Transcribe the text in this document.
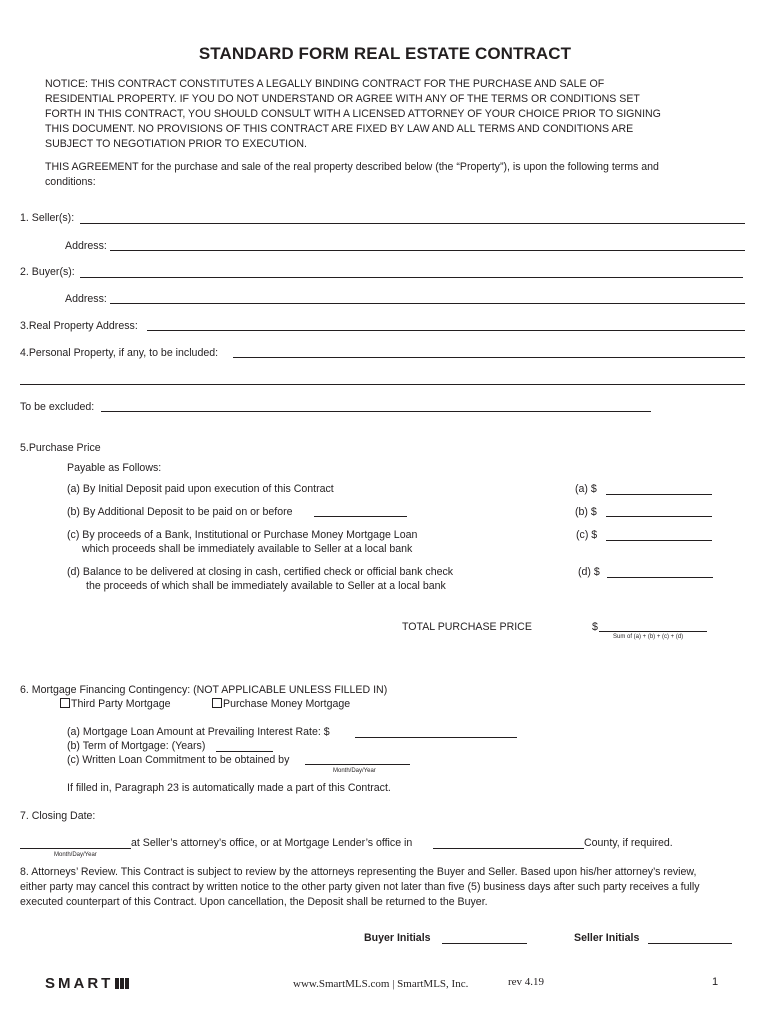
STANDARD FORM REAL ESTATE CONTRACT
NOTICE: THIS CONTRACT CONSTITUTES A LEGALLY BINDING CONTRACT FOR THE PURCHASE AND SALE OF
RESIDENTIAL PROPERTY. IF YOU DO NOT UNDERSTAND OR AGREE WITH ANY OF THE TERMS OR CONDITIONS SET
FORTH IN THIS CONTRACT, YOU SHOULD CONSULT WITH A LICENSED ATTORNEY OF YOUR CHOICE PRIOR TO SIGNING
THIS DOCUMENT. NO PROVISIONS OF THIS CONTRACT ARE FIXED BY LAW AND ALL TERMS AND CONDITIONS ARE
SUBJECT TO NEGOTIATION PRIOR TO EXECUTION.
THIS AGREEMENT for the purchase and sale of the real property described below (the “Property”), is upon the following terms and
conditions:
1. Seller(s):
Address:
2. Buyer(s):
Address:
3.Real Property Address:
4.Personal Property, if any, to be included:
To be excluded:
5.Purchase Price
Payable as Follows:
(a) By Initial Deposit paid upon execution of this Contract	(a) $
(b) By Additional Deposit to be paid on or before	(b) $
(c) By proceeds of a Bank, Institutional or Purchase Money Mortgage Loan
which proceeds shall be immediately available to Seller at a local bank
(c) $
(d) Balance to be delivered at closing in cash, certified check or official bank check
the proceeds of which shall be immediately available to Seller at a local bank
(d) $
TOTAL PURCHASE PRICE	$
Sum of (a) + (b) + (c) + (d)
6. Mortgage Financing Contingency: (NOT APPLICABLE UNLESS FILLED IN)
Third Party Mortgage	Purchase Money Mortgage
(a) Mortgage Loan Amount at Prevailing Interest Rate: $
(b) Term of Mortgage: (Years)
(c) Written Loan Commitment to be obtained by
Month/Day/Year
If filled in, Paragraph 23 is automatically made a part of this Contract.
7. Closing Date:
at Seller’s attorney’s office, or at Mortgage Lender’s office in	County, if required.
Month/Day/Year
8. Attorneys’ Review. This Contract is subject to review by the attorneys representing the Buyer and Seller. Based upon his/her attorney’s review,
either party may cancel this contract by written notice to the other party given not later than five (5) business days after such party receives a fully
executed counterpart of this Contract. Upon cancellation, the Deposit shall be returned to the Buyer.
Buyer Initials	Seller Initials
SMART	www.SmartMLS.com | SmartMLS, Inc.	rev 4.19	1
